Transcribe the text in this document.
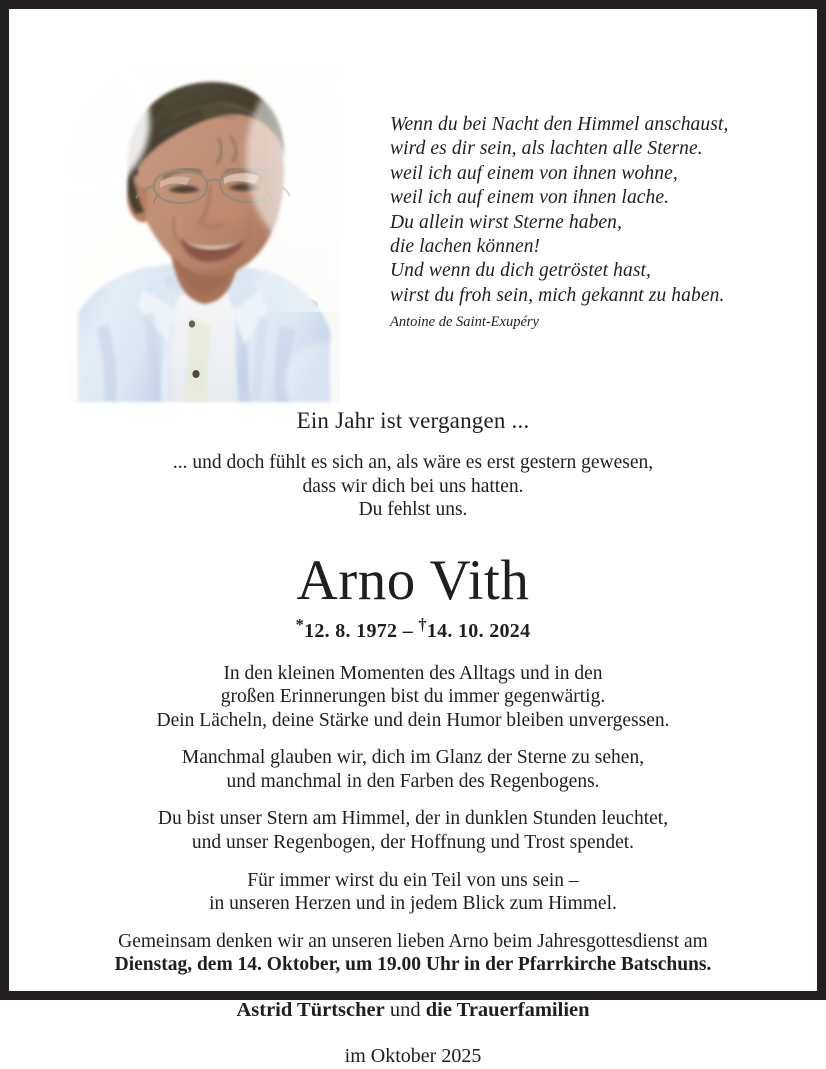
Wenn du bei Nacht den Himmel anschaust,
wird es dir sein, als lachten alle Sterne.
weil ich auf einem von ihnen wohne,
weil ich auf einem von ihnen lache.
Du allein wirst Sterne haben,
die lachen können!
Und wenn du dich getröstet hast,
wirst du froh sein, mich gekannt zu haben.
Antoine de Saint-Exupéry
Ein Jahr ist vergangen ...
... und doch fühlt es sich an, als wäre es erst gestern gewesen,
dass wir dich bei uns hatten.
Du fehlst uns.
Arno Vith
*12. 8. 1972 – †14. 10. 2024
In den kleinen Momenten des Alltags und in den
großen Erinnerungen bist du immer gegenwärtig.
Dein Lächeln, deine Stärke und dein Humor bleiben unvergessen.
Manchmal glauben wir, dich im Glanz der Sterne zu sehen,
und manchmal in den Farben des Regenbogens.
Du bist unser Stern am Himmel, der in dunklen Stunden leuchtet,
und unser Regenbogen, der Hoffnung und Trost spendet.
Für immer wirst du ein Teil von uns sein –
in unseren Herzen und in jedem Blick zum Himmel.
Gemeinsam denken wir an unseren lieben Arno beim Jahresgottesdienst am
Dienstag, dem 14. Oktober, um 19.00 Uhr in der Pfarrkirche Batschuns.
Astrid Türtscher und die Trauerfamilien
im Oktober 2025
